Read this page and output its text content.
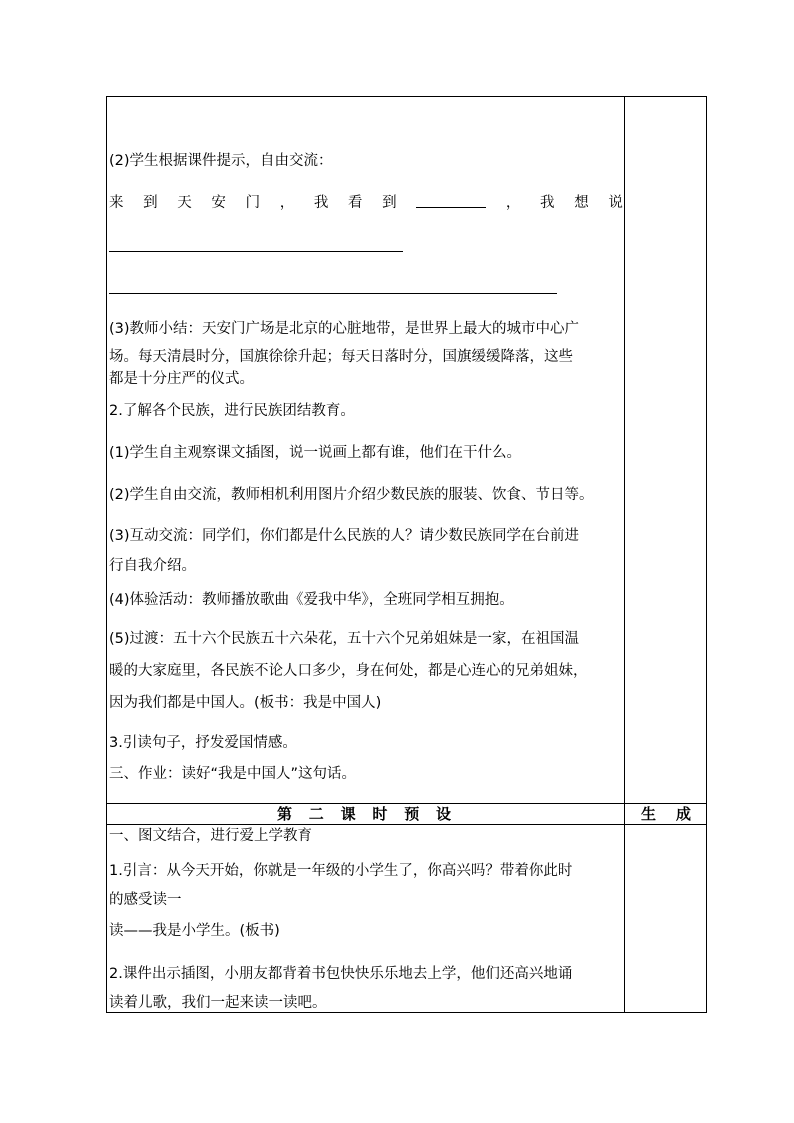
(2)学生根据课件提示，自由交流：
来 到 天 安 门 ， 我 看 到	， 我 想 说
(3)教师小结：天安门广场是北京的心脏地带，是世界上最大的城市中心广
场。每天清晨时分，国旗徐徐升起；每天日落时分，国旗缓缓降落，这些
都是十分庄严的仪式。
2.了解各个民族，进行民族团结教育。
(1)学生自主观察课文插图，说一说画上都有谁，他们在干什么。
(2)学生自由交流，教师相机利用图片介绍少数民族的服装、饮食、节日等。
(3)互动交流：同学们，你们都是什么民族的人？请少数民族同学在台前进
行自我介绍。
(4)体验活动：教师播放歌曲《爱我中华》，全班同学相互拥抱。
(5)过渡：五十六个民族五十六朵花，五十六个兄弟姐妹是一家，在祖国温
暖的大家庭里，各民族不论人口多少，身在何处，都是心连心的兄弟姐妹，
因为我们都是中国人。(板书：我是中国人)
3.引读句子，抒发爱国情感。
三、作业：读好“我是中国人”这句话。
第 二 课 时 预 设	生 成
一、图文结合，进行爱上学教育
1.引言：从今天开始，你就是一年级的小学生了，你高兴吗？带着你此时
的感受读一
读——我是小学生。(板书)
2.课件出示插图，小朋友都背着书包快快乐乐地去上学，他们还高兴地诵
读着儿歌，我们一起来读一读吧。
